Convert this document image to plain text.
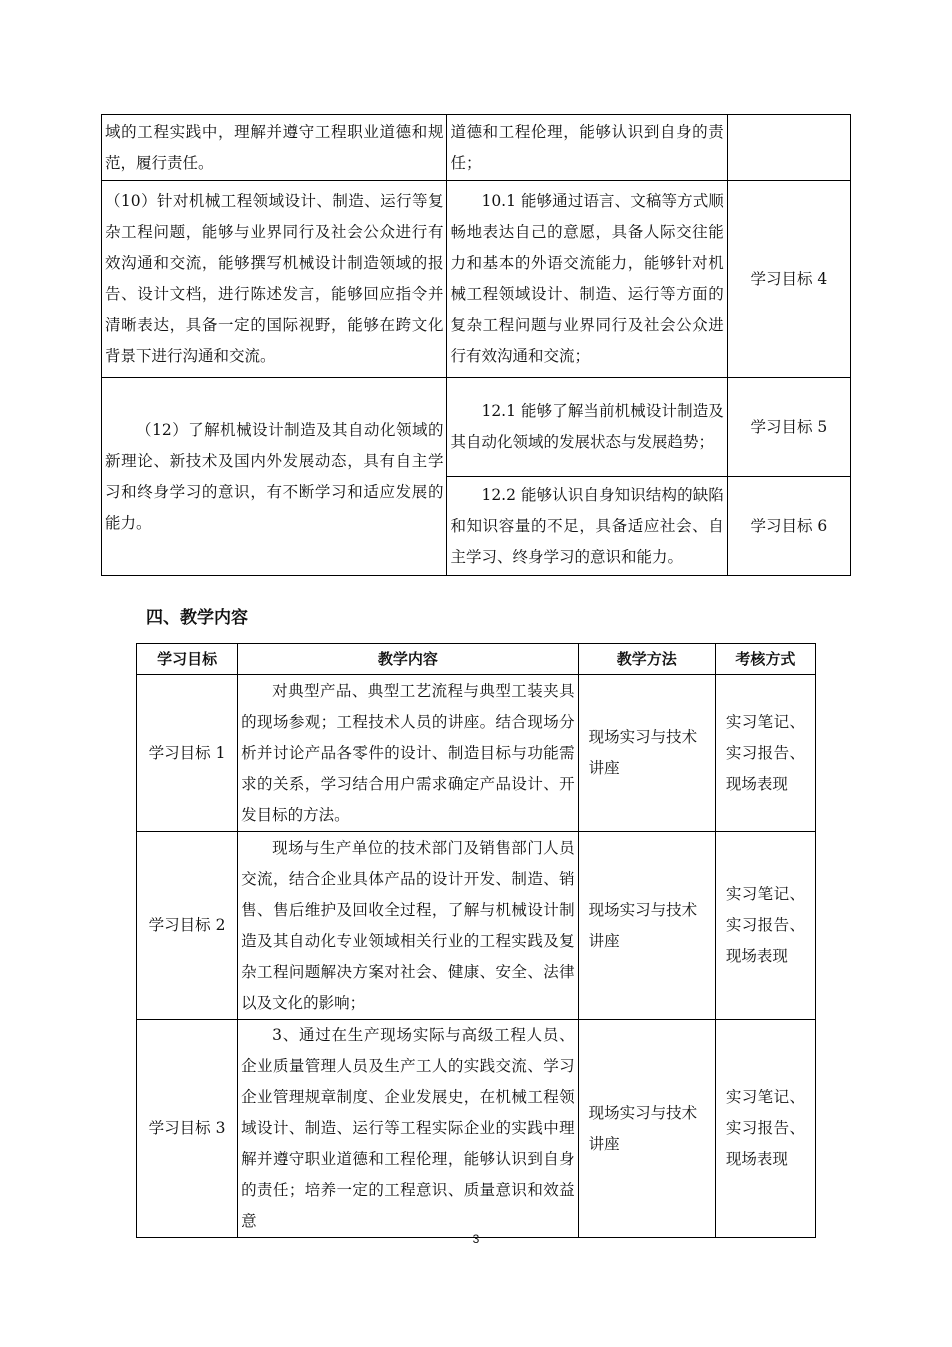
域的工程实践中，理解并遵守工程职业道德和规范，履行责任。	道德和工程伦理，能够认识到自身的责任；	
（10）针对机械工程领域设计、制造、运行等复杂工程问题，能够与业界同行及社会公众进行有效沟通和交流，能够撰写机械设计制造领域的报告、设计文档，进行陈述发言，能够回应指令并清晰表达，具备一定的国际视野，能够在跨文化背景下进行沟通和交流。	10.1 能够通过语言、文稿等方式顺畅地表达自己的意愿，具备人际交往能力和基本的外语交流能力，能够针对机械工程领域设计、制造、运行等方面的复杂工程问题与业界同行及社会公众进行有效沟通和交流；	学习目标 4
（12）了解机械设计制造及其自动化领域的新理论、新技术及国内外发展动态，具有自主学习和终身学习的意识，有不断学习和适应发展的能力。	12.1 能够了解当前机械设计制造及其自动化领域的发展状态与发展趋势；	学习目标 5
	12.2 能够认识自身知识结构的缺陷和知识容量的不足，具备适应社会、自主学习、终身学习的意识和能力。	学习目标 6
四、教学内容
学习目标	教学内容	教学方法	考核方式
学习目标 1	对典型产品、典型工艺流程与典型工装夹具的现场参观；工程技术人员的讲座。结合现场分析并讨论产品各零件的设计、制造目标与功能需求的关系，学习结合用户需求确定产品设计、开发目标的方法。	现场实习与技术讲座	实习笔记、实习报告、现场表现
学习目标 2	现场与生产单位的技术部门及销售部门人员交流，结合企业具体产品的设计开发、制造、销售、售后维护及回收全过程，了解与机械设计制造及其自动化专业领域相关行业的工程实践及复杂工程问题解决方案对社会、健康、安全、法律以及文化的影响；	现场实习与技术讲座	实习笔记、实习报告、现场表现
学习目标 3	3、通过在生产现场实际与高级工程人员、企业质量管理人员及生产工人的实践交流、学习企业管理规章制度、企业发展史，在机械工程领域设计、制造、运行等工程实际企业的实践中理解并遵守职业道德和工程伦理，能够认识到自身的责任；培养一定的工程意识、质量意识和效益意	现场实习与技术讲座	实习笔记、实习报告、现场表现
3
